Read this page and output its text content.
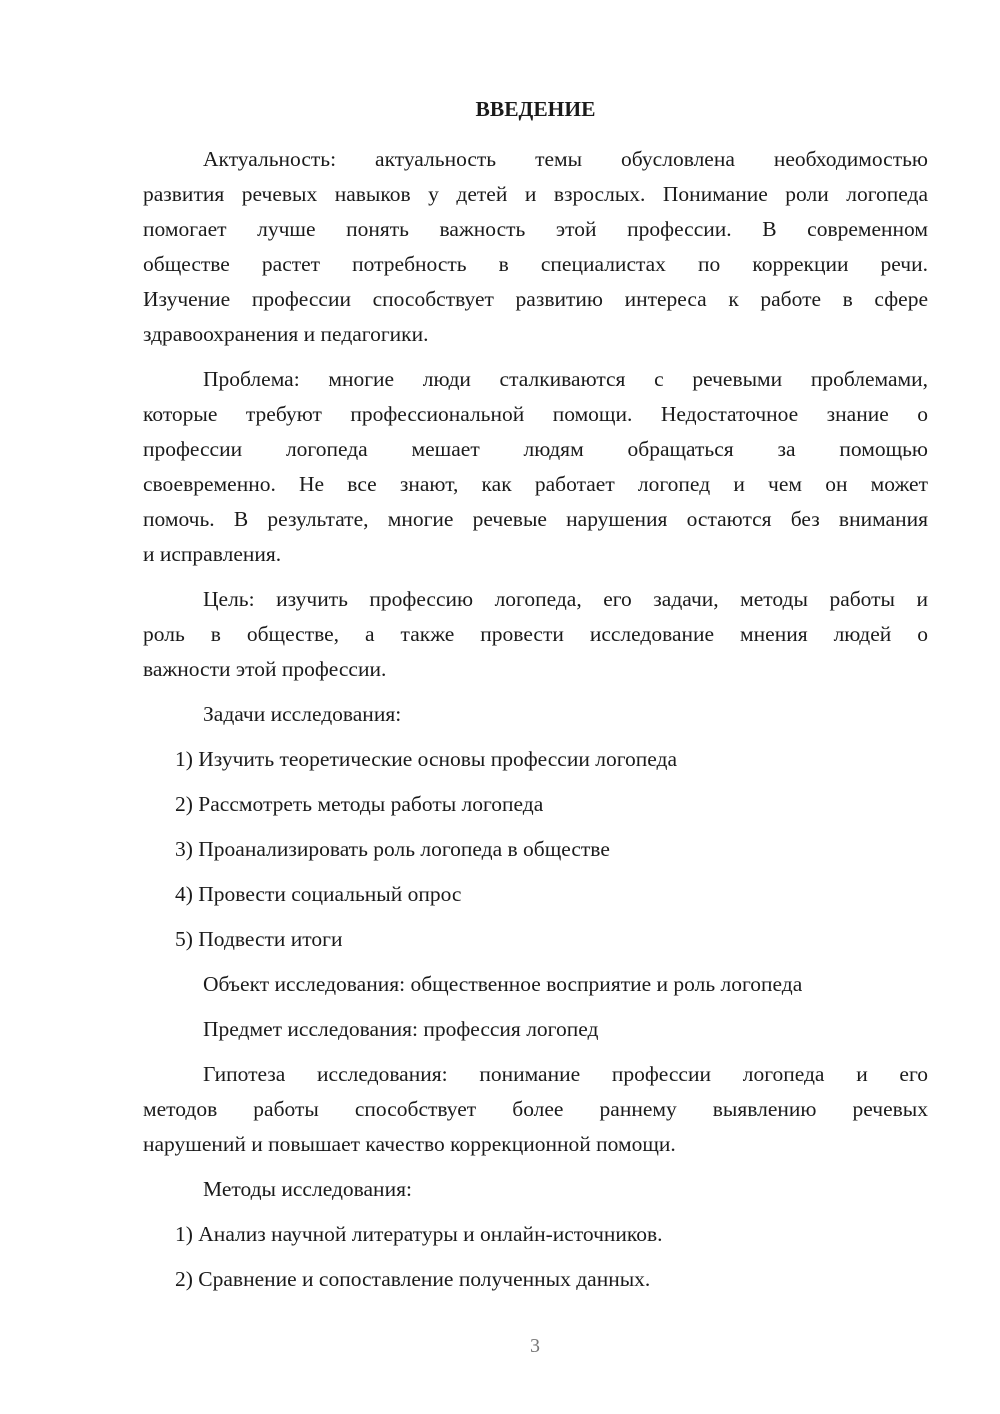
ВВЕДЕНИЕ
Актуальность: актуальность темы обусловлена необходимостью
развития речевых навыков у детей и взрослых. Понимание роли логопеда
помогает лучше понять важность этой профессии. В современном
обществе растет потребность в специалистах по коррекции речи.
Изучение профессии способствует развитию интереса к работе в сфере
здравоохранения и педагогики.
Проблема: многие люди сталкиваются с речевыми проблемами,
которые требуют профессиональной помощи. Недостаточное знание о
профессии логопеда мешает людям обращаться за помощью
своевременно. Не все знают, как работает логопед и чем он может
помочь. В результате, многие речевые нарушения остаются без внимания
и исправления.
Цель: изучить профессию логопеда, его задачи, методы работы и
роль в обществе, а также провести исследование мнения людей о
важности этой профессии.
Задачи исследования:
1) Изучить теоретические основы профессии логопеда
2) Рассмотреть методы работы логопеда
3) Проанализировать роль логопеда в обществе
4) Провести социальный опрос
5) Подвести итоги
Объект исследования: общественное восприятие и роль логопеда
Предмет исследования: профессия логопед
Гипотеза исследования: понимание профессии логопеда и его
методов работы способствует более раннему выявлению речевых
нарушений и повышает качество коррекционной помощи.
Методы исследования:
1) Анализ научной литературы и онлайн-источников.
2) Сравнение и сопоставление полученных данных.
3
